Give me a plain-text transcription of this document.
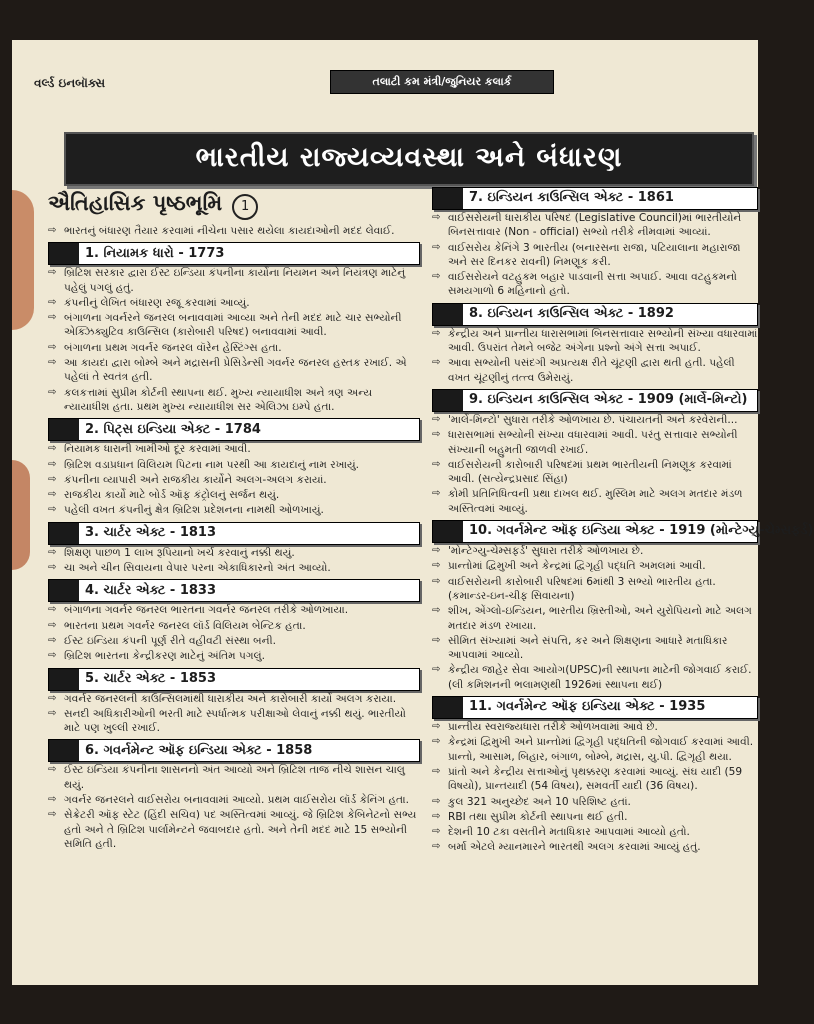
વર્લ્ડ ઇનબૉક્સ	તલાટી કમ મંત્રી/જુનિયર કલાર્ક
ભારતીય રાજ્યવ્યવસ્થા અને બંધારણ
ઐતિહાસિક પૃષ્ઠભૂમિ 1
⇨ ભારતનું બંધારણ તૈયાર કરવામાં નીચેના પસાર થયેલા કાયદાઓની મદદ લેવાઈ.
1. નિયામક ધારો - 1773
⇨ બ્રિટિશ સરકાર દ્વારા ઈસ્ટ ઇન્ડિયા કંપનીના કાર્યોના નિયમન અને નિયંત્રણ માટેનું પહેલું પગલું હતું.
⇨ કંપનીનું લેખિત બંધારણ રજૂ કરવામાં આવ્યું.
⇨ બંગાળના ગવર્નરને જનરલ બનાવવામાં આવ્યા અને તેની મદદ માટે ચાર સભ્યોની એક્ઝિક્યુટિવ કાઉન્સિલ (કારોબારી પરિષદ) બનાવવામાં આવી.
⇨ બંગાળના પ્રથમ ગવર્નર જનરલ વૉરેન હેસ્ટિંગ્સ હતા.
⇨ આ કાયદા દ્વારા બોમ્બે અને મદ્રાસની પ્રેસિડેન્સી ગવર્નર જનરલ હસ્તક રખાઈ. એ પહેલાં તે સ્વતંત્ર હતી.
⇨ કલકત્તામાં સુપ્રીમ કોર્ટની સ્થાપના થઈ. મુખ્ય ન્યાયાધીશ અને ત્રણ અન્ય ન્યાયાધીશ હતા. પ્રથમ મુખ્ય ન્યાયાધીશ સર એલિઝા ઇમ્પે હતા.
2. પિટ્સ ઇન્ડિયા એક્ટ - 1784
⇨ નિયામક ધારાની ખામીઓ દૂર કરવામાં આવી.
⇨ બ્રિટિશ વડાપ્રધાન વિલિયમ પિટના નામ પરથી આ કાયદાનું નામ રખાયું.
⇨ કંપનીના વ્યાપારી અને રાજકીય કાર્યોને અલગ-અલગ કરાયાં.
⇨ રાજકીય કાર્યો માટે બોર્ડ ઑફ કંટ્રોલનું સર્જન થયું.
⇨ પહેલી વખત કંપનીનું ક્ષેત્ર બ્રિટિશ પ્રદેશનના નામથી ઓળખાયું.
3. ચાર્ટર એક્ટ - 1813
⇨ શિક્ષણ પાછળ 1 લાખ રૂપિયાનો ખર્ચ કરવાનું નક્કી થયું.
⇨ ચા અને ચીન સિવાયના વેપાર પરના એકાધિકારનો અંત આવ્યો.
4. ચાર્ટર એક્ટ - 1833
⇨ બંગાળના ગવર્નર જનરલ ભારતના ગવર્નર જનરલ તરીકે ઓળખાયા.
⇨ ભારતના પ્રથમ ગવર્નર જનરલ લૉર્ડ વિલિયમ બેન્ટિક હતા.
⇨ ઈસ્ટ ઇન્ડિયા કંપની પૂર્ણ રીતે વહીવટી સંસ્થા બની.
⇨ બ્રિટિશ ભારતના કેન્દ્રીકરણ માટેનું અંતિમ પગલું.
5. ચાર્ટર એક્ટ - 1853
⇨ ગવર્નર જનરલની કાઉન્સિલમાંથી ધારાકીય અને કારોબારી કાર્યો અલગ કરાયા.
⇨ સનદી અધિકારીઓની ભરતી માટે સ્પર્ધાત્મક પરીક્ષાઓ લેવાનું નક્કી થયું. ભારતીયો માટે પણ ખુલ્લી રખાઈ.
6. ગવર્નમેન્ટ ઑફ ઇન્ડિયા એક્ટ - 1858
⇨ ઈસ્ટ ઇન્ડિયા કંપનીના શાસનનો અંત આવ્યો અને બ્રિટિશ તાજ નીચે શાસન ચાલુ થયું.
⇨ ગવર્નર જનરલને વાઈસરોય બનાવવામાં આવ્યો. પ્રથમ વાઈસરોય લૉર્ડ કેનિંગ હતા.
⇨ સેક્રેટરી ઑફ સ્ટેટ (હિંદી સચિવ) પદ અસ્તિત્વમાં આવ્યું. જે બ્રિટિશ કેબિનેટનો સભ્ય હતો અને તે બ્રિટિશ પાર્લામેન્ટને જવાબદાર હતો. અને તેની મદદ માટે 15 સભ્યોની સમિતિ હતી.
7. ઇન્ડિયન કાઉન્સિલ એક્ટ - 1861
⇨ વાઈસરોયની ધારાકીય પરિષદ (Legislative Council)માં ભારતીયોને બિનસત્તાવાર (Non - official) સભ્યો તરીકે નીમવામાં આવ્યાં.
⇨ વાઈસરોય કેનિંગે 3 ભારતીય (બનારસના રાજા, પટિયાલાના મહારાજા અને સર દિનકર રાવની) નિમણૂક કરી.
⇨ વાઈસરોયને વટહુકમ બહાર પાડવાની સત્તા અપાઈ. આવા વટહુકમનો સમયગાળો 6 મહિનાનો હતો.
8. ઇન્ડિયન કાઉન્સિલ એક્ટ - 1892
⇨ કેન્દ્રીય અને પ્રાન્તીય ધારાસભામાં બિનસત્તાવાર સભ્યોની સંખ્યા વધારવામાં આવી. ઉપરાંત તેમને બજેટ અંગેના પ્રશ્નો અંગે સત્તા અપાઈ.
⇨ આવા સભ્યોની પસંદગી અપ્રત્યક્ષ રીતે ચૂંટણી દ્વારા થતી હતી. પહેલી વખત ચૂંટણીનું તત્ત્વ ઉમેરાયું.
9. ઇન્ડિયન કાઉન્સિલ એક્ટ - 1909 (માર્લે-મિન્ટો)
⇨ 'માર્લે-મિન્ટો' સુધારા તરીકે ઓળખાય છે. પંચાયતની અને કરવેરાની...
⇨ ધારાસભામાં સભ્યોની સંખ્યા વધારવામાં આવી. પરંતુ સત્તાવાર સભ્યોની સંખ્યાની બહુમતી જાળવી રખાઈ.
⇨ વાઈસરોયની કારોબારી પરિષદમાં પ્રથમ ભારતીયની નિમણૂક કરવામાં આવી. (સત્યેન્દ્રપ્રસાદ સિંહા)
⇨ કોમી પ્રતિનિધિત્વની પ્રથા દાખલ થઈ. મુસ્લિમ માટે અલગ મતદાર મંડળ અસ્તિત્વમાં આવ્યું.
10. ગવર્નમેન્ટ ઑફ ઇન્ડિયા એક્ટ - 1919 (મોન્ટેગ્યુ-ચેમ્સફર્ડ)
⇨ 'મોન્ટેગ્યુ-ચેમ્સફર્ડ' સુધારા તરીકે ઓળખાય છે.
⇨ પ્રાન્તોમાં દ્વિમુખી અને કેન્દ્રમાં દ્વિગૃહી પદ્ધતિ અમલમાં આવી.
⇨ વાઈસરોયની કારોબારી પરિષદમાં 6માંથી 3 સભ્યો ભારતીય હતા. (કમાન્ડર-ઇન-ચીફ સિવાયના)
⇨ શીખ, એંગ્લો-ઇન્ડિયન, ભારતીય ખ્રિસ્તીઓ, અને યુરોપિયનો માટે અલગ મતદાર મંડળ રખાયા.
⇨ સીમિત સંખ્યામાં અને સંપત્તિ, કર અને શિક્ષણના આધારે મતાધિકાર આપવામાં આવ્યો.
⇨ કેન્દ્રીય જાહેર સેવા આયોગ(UPSC)ની સ્થાપના માટેની જોગવાઈ કરાઈ. (લી કમિશનની ભલામણથી 1926માં સ્થાપના થઈ)
11. ગવર્નમેન્ટ ઑફ ઇન્ડિયા એક્ટ - 1935
⇨ પ્રાન્તીય સ્વરાજ્યધારા તરીકે ઓળખવામાં આવે છે.
⇨ કેન્દ્રમાં દ્વિમુખી અને પ્રાન્તોમાં દ્વિગૃહી પદ્ધતિની જોગવાઈ કરવામાં આવી. પ્રાન્તો, આસામ, બિહાર, બંગાળ, બોમ્બે, મદ્રાસ, યુ.પી. દ્વિગૃહી થયા.
⇨ પ્રાંતો અને કેન્દ્રીય સત્તાઓનું પૃથક્કરણ કરવામાં આવ્યું. સંઘ યાદી (59 વિષયો), પ્રાન્તયાદી (54 વિષય), સમવર્તી યાદી (36 વિષય).
⇨ કુલ 321 અનુચ્છેદ અને 10 પરિશિષ્ટ હતાં.
⇨ RBI તથા સુપ્રીમ કોર્ટની સ્થાપના થઈ હતી.
⇨ દેશની 10 ટકા વસતીને મતાધિકાર આપવામાં આવ્યો હતો.
⇨ બર્મા એટલે મ્યાનમારને ભારતથી અલગ કરવામાં આવ્યું હતું.
